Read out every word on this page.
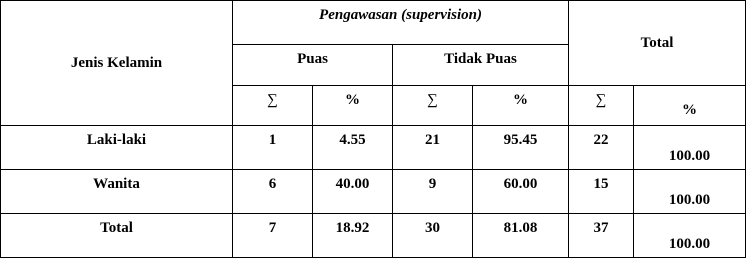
Jenis Kelamin	Pengawasan (supervision)				Total	
	Puas		Tidak Puas			
	∑	%	∑	%	∑	%
Laki-laki	1	4.55	21	95.45	22	100.00
Wanita	6	40.00	9	60.00	15	100.00
Total	7	18.92	30	81.08	37	100.00
